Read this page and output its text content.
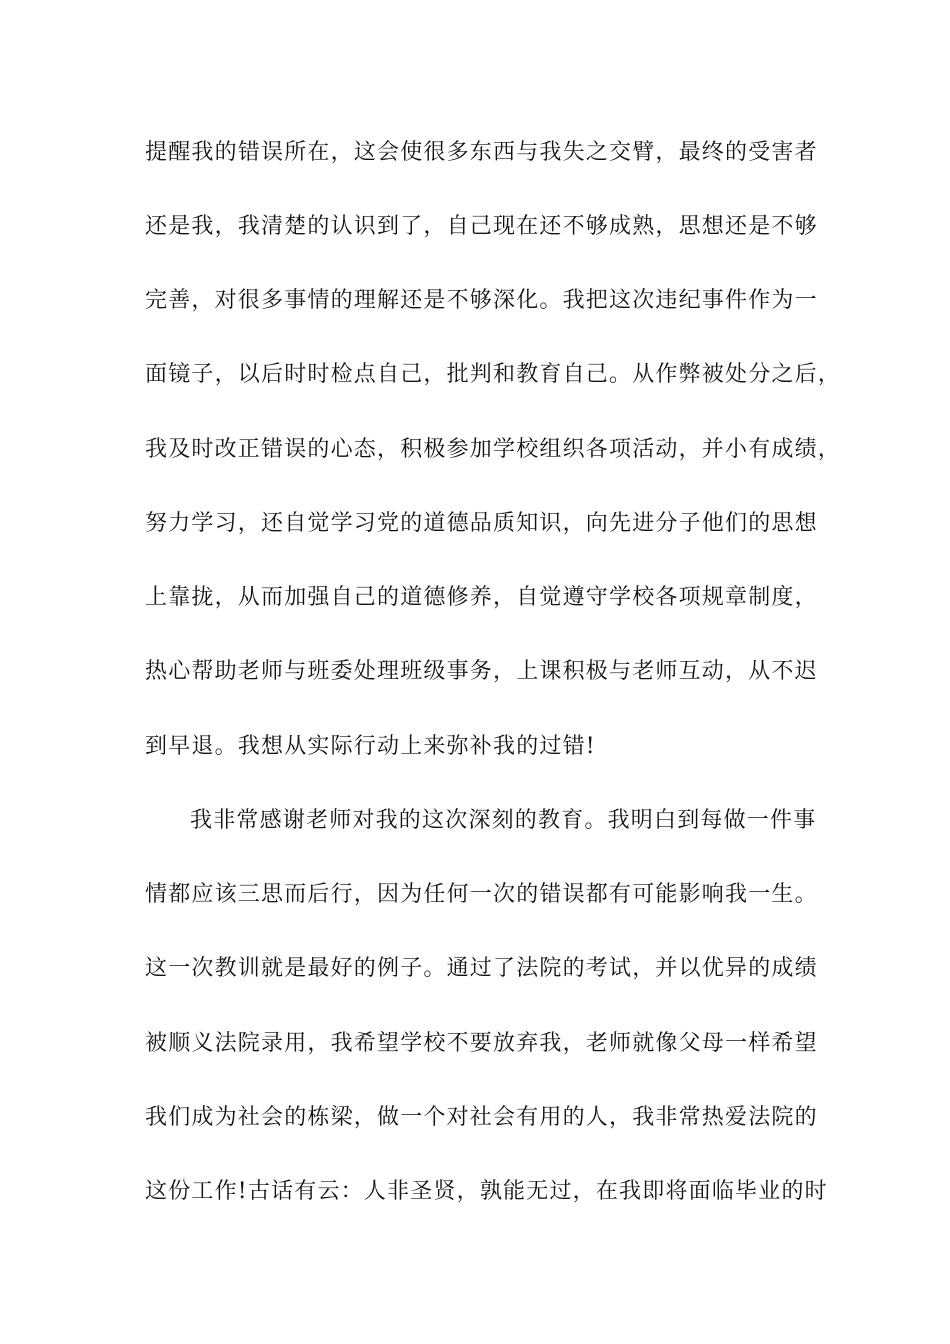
提醒我的错误所在，这会使很多东西与我失之交臂，最终的受害者
还是我，我清楚的认识到了，自己现在还不够成熟，思想还是不够
完善，对很多事情的理解还是不够深化。我把这次违纪事件作为一
面镜子，以后时时检点自己，批判和教育自己。从作弊被处分之后，
我及时改正错误的心态，积极参加学校组织各项活动，并小有成绩，
努力学习，还自觉学习党的道德品质知识，向先进分子他们的思想
上靠拢，从而加强自己的道德修养，自觉遵守学校各项规章制度，
热心帮助老师与班委处理班级事务，上课积极与老师互动，从不迟
到早退。我想从实际行动上来弥补我的过错!
我非常感谢老师对我的这次深刻的教育。我明白到每做一件事
情都应该三思而后行，因为任何一次的错误都有可能影响我一生。
这一次教训就是最好的例子。通过了法院的考试，并以优异的成绩
被顺义法院录用，我希望学校不要放弃我，老师就像父母一样希望
我们成为社会的栋梁，做一个对社会有用的人，我非常热爱法院的
这份工作!古话有云：人非圣贤，孰能无过，在我即将面临毕业的时
